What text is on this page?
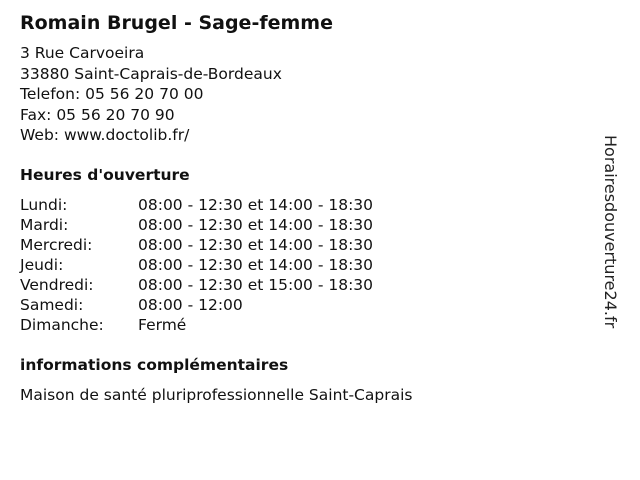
Romain Brugel - Sage-femme
3 Rue Carvoeira
33880 Saint-Caprais-de-Bordeaux
Telefon: 05 56 20 70 00
Fax: 05 56 20 70 90
Web: www.doctolib.fr/
Heures d'ouverture
Lundi:	08:00 - 12:30 et 14:00 - 18:30
Mardi:	08:00 - 12:30 et 14:00 - 18:30
Mercredi:	08:00 - 12:30 et 14:00 - 18:30
Jeudi:	08:00 - 12:30 et 14:00 - 18:30
Vendredi:	08:00 - 12:30 et 15:00 - 18:30
Samedi:	08:00 - 12:00
Dimanche:	Fermé
informations complémentaires
Maison de santé pluriprofessionnelle Saint-Caprais
Horairesdouverture24.fr
